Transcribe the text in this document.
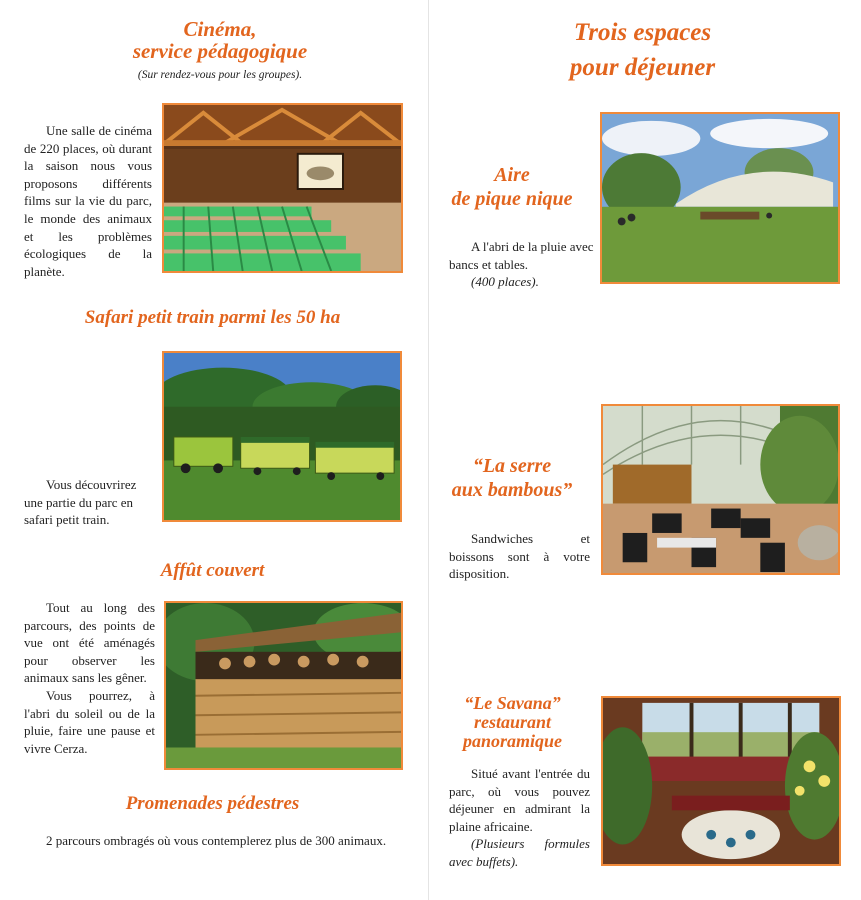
Cinéma,
service pédagogique
(Sur rendez-vous pour les groupes).

Une salle de cinéma de 220 places, où durant la saison nous vous proposons différents films sur la vie du parc, le monde des animaux et les problèmes écologiques de la planète.

Safari petit train parmi les 50 ha

Vous découvrirez une partie du parc en safari petit train.

Affût couvert

Tout au long des parcours, des points de vue ont été aménagés pour observer les animaux sans les gêner.

Vous pourrez, à l'abri du soleil ou de la pluie, faire une pause et vivre Cerza.

Promenades pédestres

2 parcours ombragés où vous contemplerez plus de 300 animaux.

Trois espaces
pour déjeuner
Aire
de pique nique

A l'abri de la pluie avec bancs et tables.

(400 places).

“La serre
aux bambous”

Sandwiches et boissons sont à votre disposition.

“Le Savana”
restaurant
panoramique

Situé avant l'entrée du parc, où vous pouvez déjeuner en admirant la plaine africaine.

(Plusieurs formules avec buffets).
